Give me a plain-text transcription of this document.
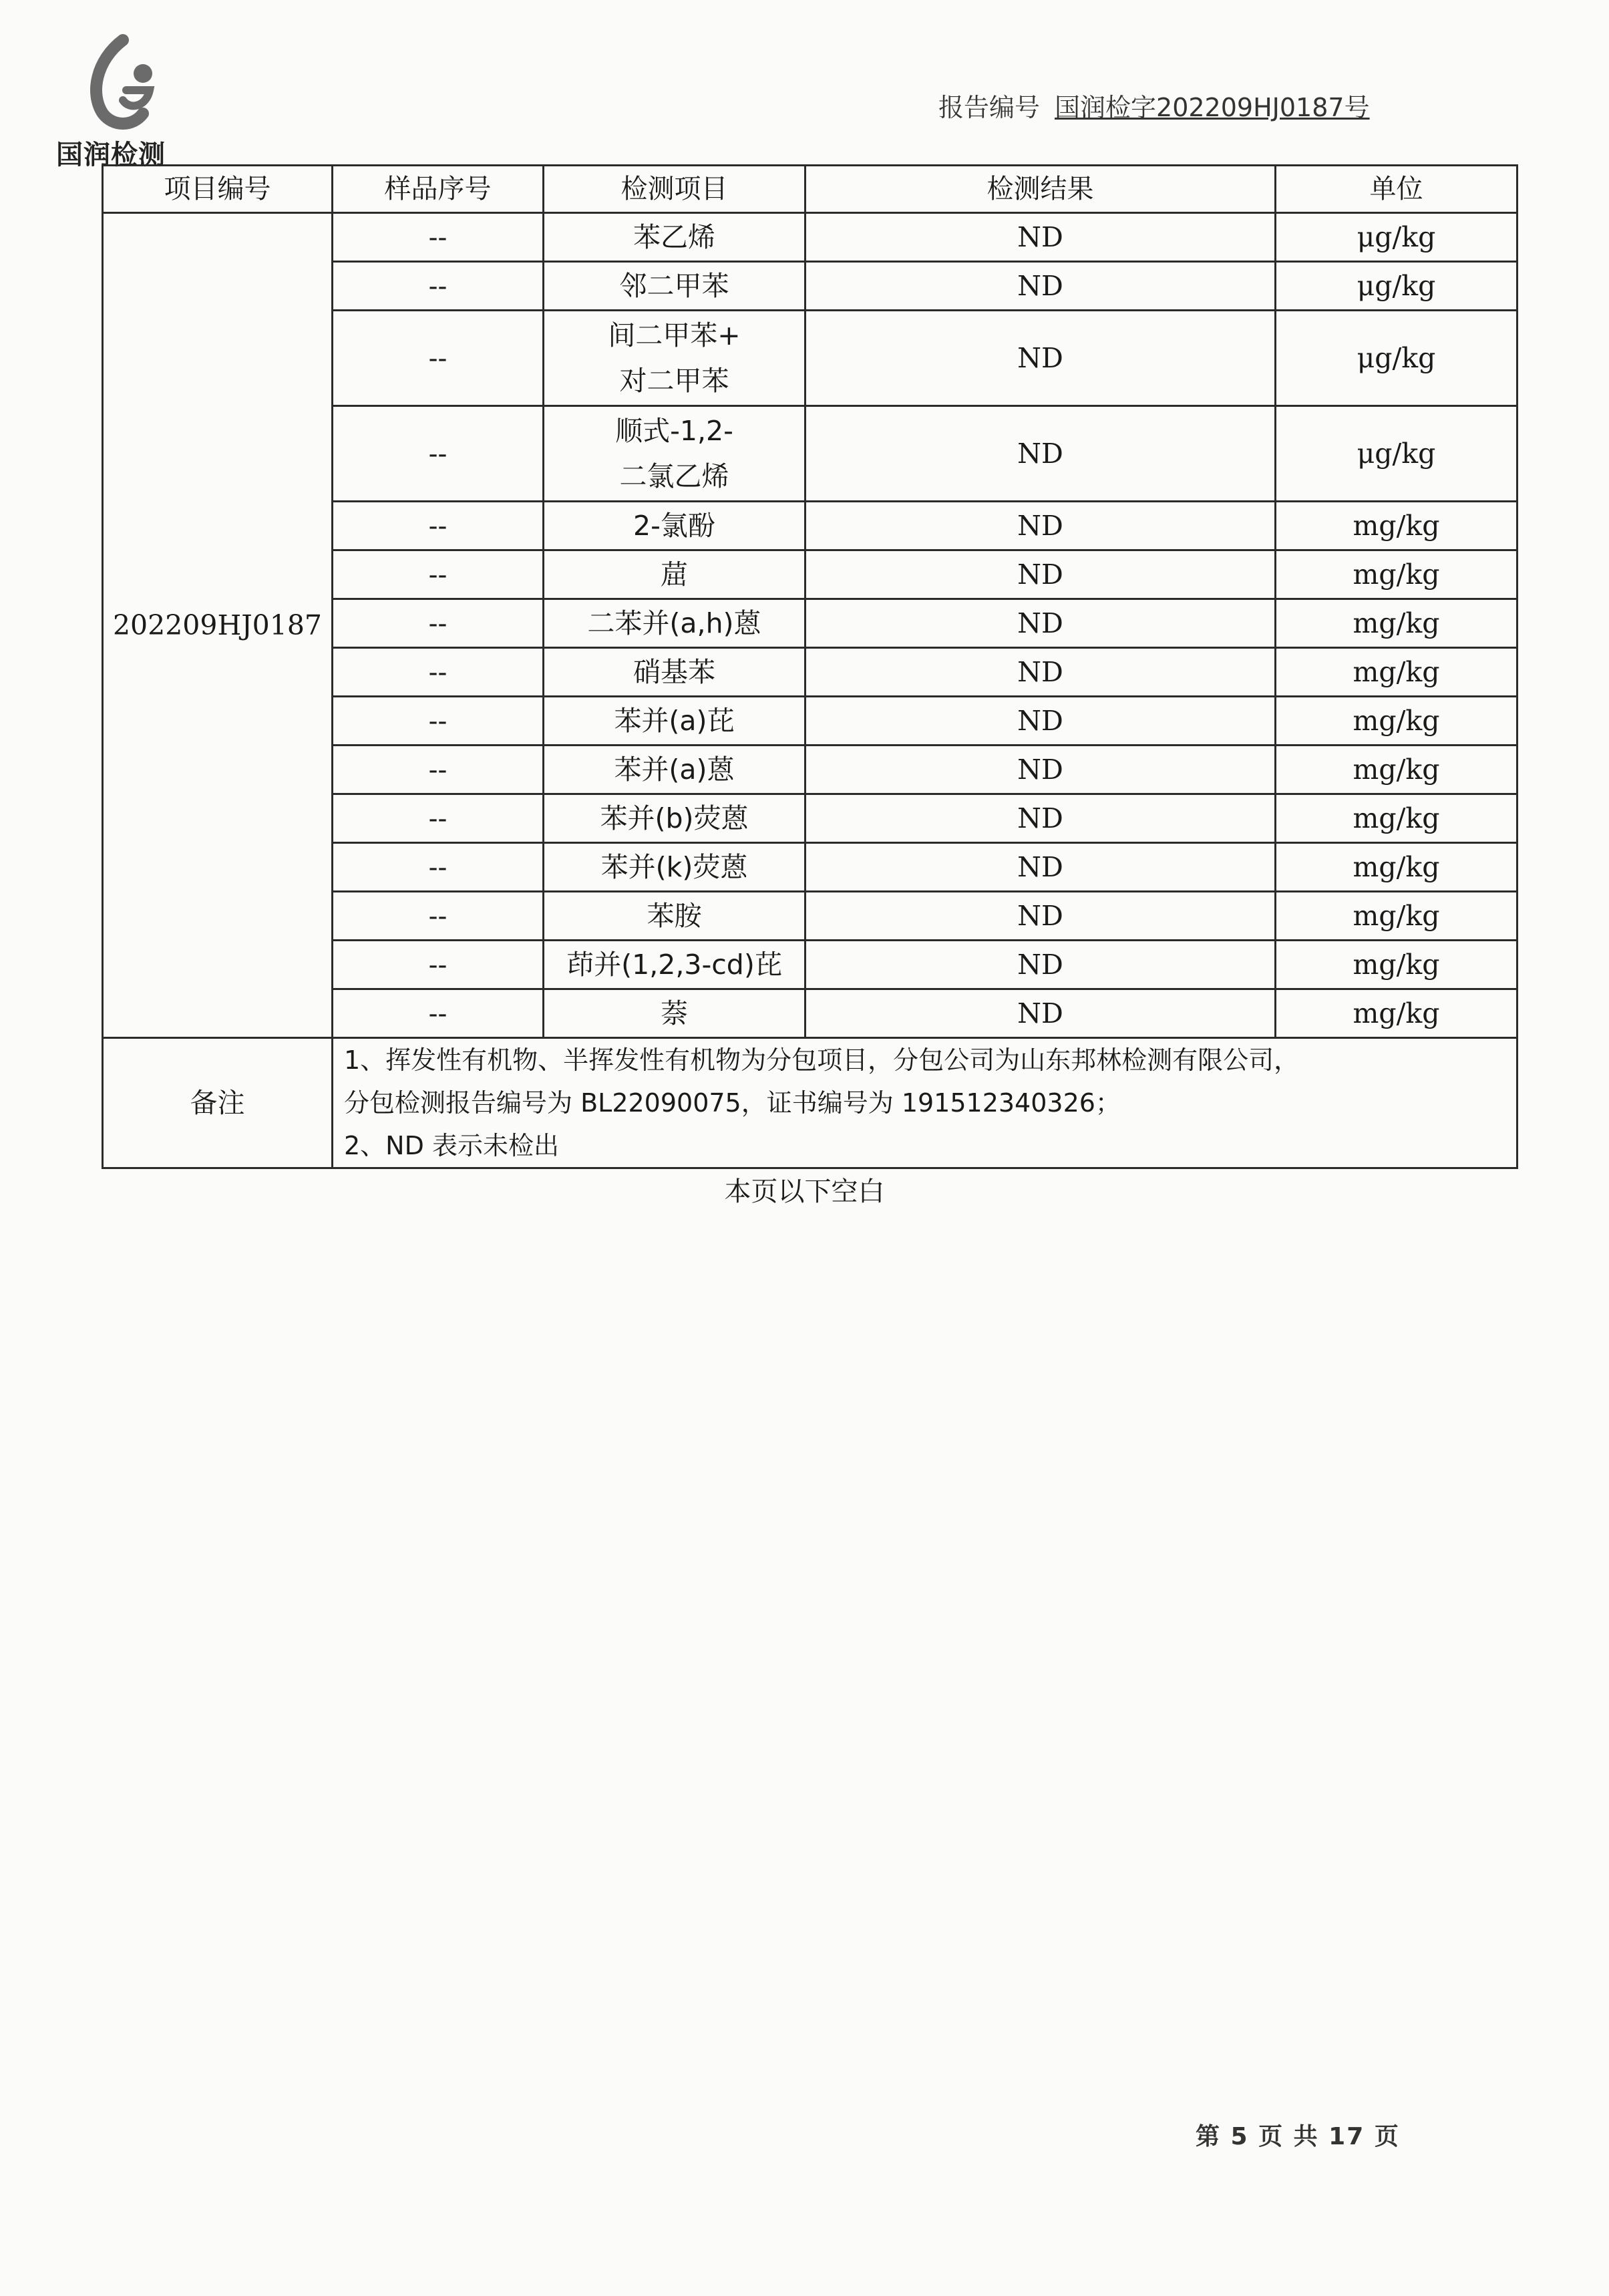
国润检测
报告编号 国润检字202209HJ0187号
项目编号	样品序号	检测项目	检测结果	单位
202209HJ0187	--	苯乙烯	ND	μg/kg
	--	邻二甲苯	ND	μg/kg
	--	间二甲苯+
对二甲苯	ND	μg/kg
	--	顺式-1,2-
二氯乙烯	ND	μg/kg
	--	2-氯酚	ND	mg/kg
	--	䓛	ND	mg/kg
	--	二苯并(a,h)蒽	ND	mg/kg
	--	硝基苯	ND	mg/kg
	--	苯并(a)芘	ND	mg/kg
	--	苯并(a)蒽	ND	mg/kg
	--	苯并(b)荧蒽	ND	mg/kg
	--	苯并(k)荧蒽	ND	mg/kg
	--	苯胺	ND	mg/kg
	--	茚并(1,2,3-cd)芘	ND	mg/kg
	--	萘	ND	mg/kg
备注	1、挥发性有机物、半挥发性有机物为分包项目，分包公司为山东邦林检测有限公司，
分包检测报告编号为 BL22090075，证书编号为 191512340326；
2、ND 表示未检出			
本页以下空白
第 5 页 共 17 页
